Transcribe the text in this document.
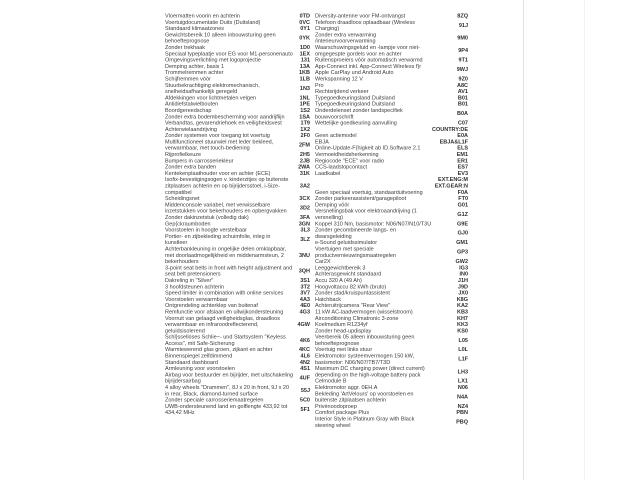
Vloermatten voorin en achterin	0TD
Voertuigdocumentatie Duits (Duitsland)	0VC
Standaard klimaatzones	0Y1
Gewichtsbereik 10 alleen inbouwsturing geen behoefteprognose
0YK
Zonder trekhaak	1D0
Speciaal typeplaatje voor EG voor M1-personenauto 1EX
Omgevingsverlichting met logoprojectie	131
Demping achter, basis 1	13A
Trommelremmen achter	1KB
Schijfremmen vóór	1LB
Stuurbekrachtiging elektromechanisch, snelheidsafhankelijk geregeld
1N3
Afdekkingen voor lichtmetalen velgen	1NL
Antidiefstalwielbouten	1PE
Boordgereedschap	1S2
Zonder extra bodembescherming voor aandrijflijn	1SA
Verbandtas, gevarendriehoek en veiligheidsvest	1T9
Achterwielaandrijving	1X2
Zonder systemen voor toegang tot voertuig	2F0
Multifunctioneel stuurwiel met leder bekleed, verwarmbaar, met touch-bediening
2FM
Rijprofielkeuze	2H5
Bumpers in carrosseriekleur	2JB
Zonder extra banden	2WA
Kentekenplaathouder voor en achter (ECE)	31K
Isofix-bevestigingsogen v. kinderzitjes op buitenste zitplaatsen achterin en op bijrijdersstoel, i-Size-compatibel
3A2
Scheidingsnet	3CX
Middenconsole variabel, met verwisselbare inzetstukken voor bekerhouders en opbergvakken
3D2
Zonder dakinzetstuk (volledig dak)	3FA
Gep{ckraumboden	3GN
Voorstoelen in hoogte verstelbaar	3L3
Portier- en zijbekleding schuimfolie, inleg in kunstleer
3LZ
Achterbankleuning in ongelijke delen omklapbaar, met doorlaadmogelijkheid en middenarmsteun, 2 bekerhouders
3NU
3-point seat belts in front with height adjustment and seat belt pretensioners
3QH
Dakreling in "Silver"	3S1
3 hoofdsteunen achterin	3T2
Speed limiter in combination with online services	3V7
Voorstoelen verwarmbaar	4A3
Ontgrendeling achterklep van buitenaf	4E0
Remfunctie voor afslaan en uitwijkondersteuning	4G3
Voorruit van gelaagd veiligheidsglas, draadloos verwarmbaar en infraroodreflecterend, geluidsisolerend
4GW
Schl}sselloses Schlie~- und Startsystem "Keyless Access", mit Safe-Sicherung
4K6
Warmtewerend glas groen, zijkant en achter	4KC
Binnenspiegel zelfdimmend	4L6
Standaard dashboard	4N2
Armleuning voor voorstoelen	4S1
Airbag voor bestuurder en bijrijder, met uitschakeling bijrijdersairbag
4UF
4 alloy wheels "Drammen", 8J x 20 in front, 9J x 20 in rear, Black, diamond-turned surface
55J
Zonder speciale carrosseriemaatregelen	5C0
UWB-ondersteunend land en golflengte 433,92 tot 434,42 MHz
5F1
Diversity-antenne voor FM-ontvangst	8ZQ
Telefoon draadloos oplaadbaar (Wireless Charging)
91J
Zonder extra verwarming /interieurvoorverwarming
9M0
Waarschuwingsgeluid en -lampje voor niet-omgegespte gordels voor en achter
9P4
Ruitensproeiers vóór automatisch verwarmd	9T1
App-Connect inkl. App-Connect Wireless f}r Apple CarPlay und Android Auto
9WJ
Werkspanning 12 V	9Z0
Pro	A8C
Rechtsrijdend verkeer	AV1
Typegoedkeuringsland Duitsland	B01
Typegoedkeuringsland Duitsland	B01
Onderdelenset zonder landspecifiek bouwvoorschrift
B0A
Wettelijke goedkeuring aanvulling	C07
COUNTRY:DE
Geen actiemodel	E0A
EBJA	EBJA&L1F
Online-Update-F{higkeit ab ID.Software 2.1	ELS
Vermoeidheidsherkenning	EM1
Regiocode "ECE" voor radio	ER1
CCS-laadstopcontact	ES7
Laadkabel	EV3
EXT.ENG:M
EXT.GEAR:N
Geen speciaal voertuig, standaarduitvoering	F0A
Zonder parkeerassistent/garagepiloot	FT0
Demping vóór	G01
Versnellingsbak voor elektroaandrijving (1 versnelling)
G1Z
Koppel 310 Nm, basismotor: N06/N07/N10/T3U	G9E
Zonder gecombineerde langs- en dwarsgeleiding
GJ0
e-Sound geluidssimulator	GM1
Voertuigen met speciale productvernieuwingsmaatregelen
GP3
Car2X	GW2
Leeggewichtbereik 3	IG3
Achterasgewicht standaard	IN0
Accu 320 A (49 Ah)	J1H
Hoogvoltaccu 82 kWh (bruto)	J9D
Zonder stad/kruispuntassistent	JX0
Hatchback	K8G
Achteruitrijcamera "Rear View"	KA2
11 kW AC-laadvermogen (wisselstroom)	KB3
Airconditioning Climatronic 3-zone	KH7
Koelmedium R1234yf	KK3
Zonder head-updisplay	KS0
Veerbereik 05 alleen inbouwsturing geen behoefteprognose
L05
Voertuig met links stuur	L0L
Elektromotor systeemvermogen 150 kW, basismotor: N06/N07/TB7/T3D
L1F
Maximum DC charging power (direct current) depending on the high-voltage battery pack
LH3
Celmodule B	LX1
Elektromotor aggr. 0EH.A	N06
Bekleding 'ArtVelours' op voorstoelen en buitenste zitplaatsen achterin
N4A
Privénoodoproep	NZ4
Comfort package Plus	PBN
Interior Style in Platinum Gray with Black steering wheel
PBQ
